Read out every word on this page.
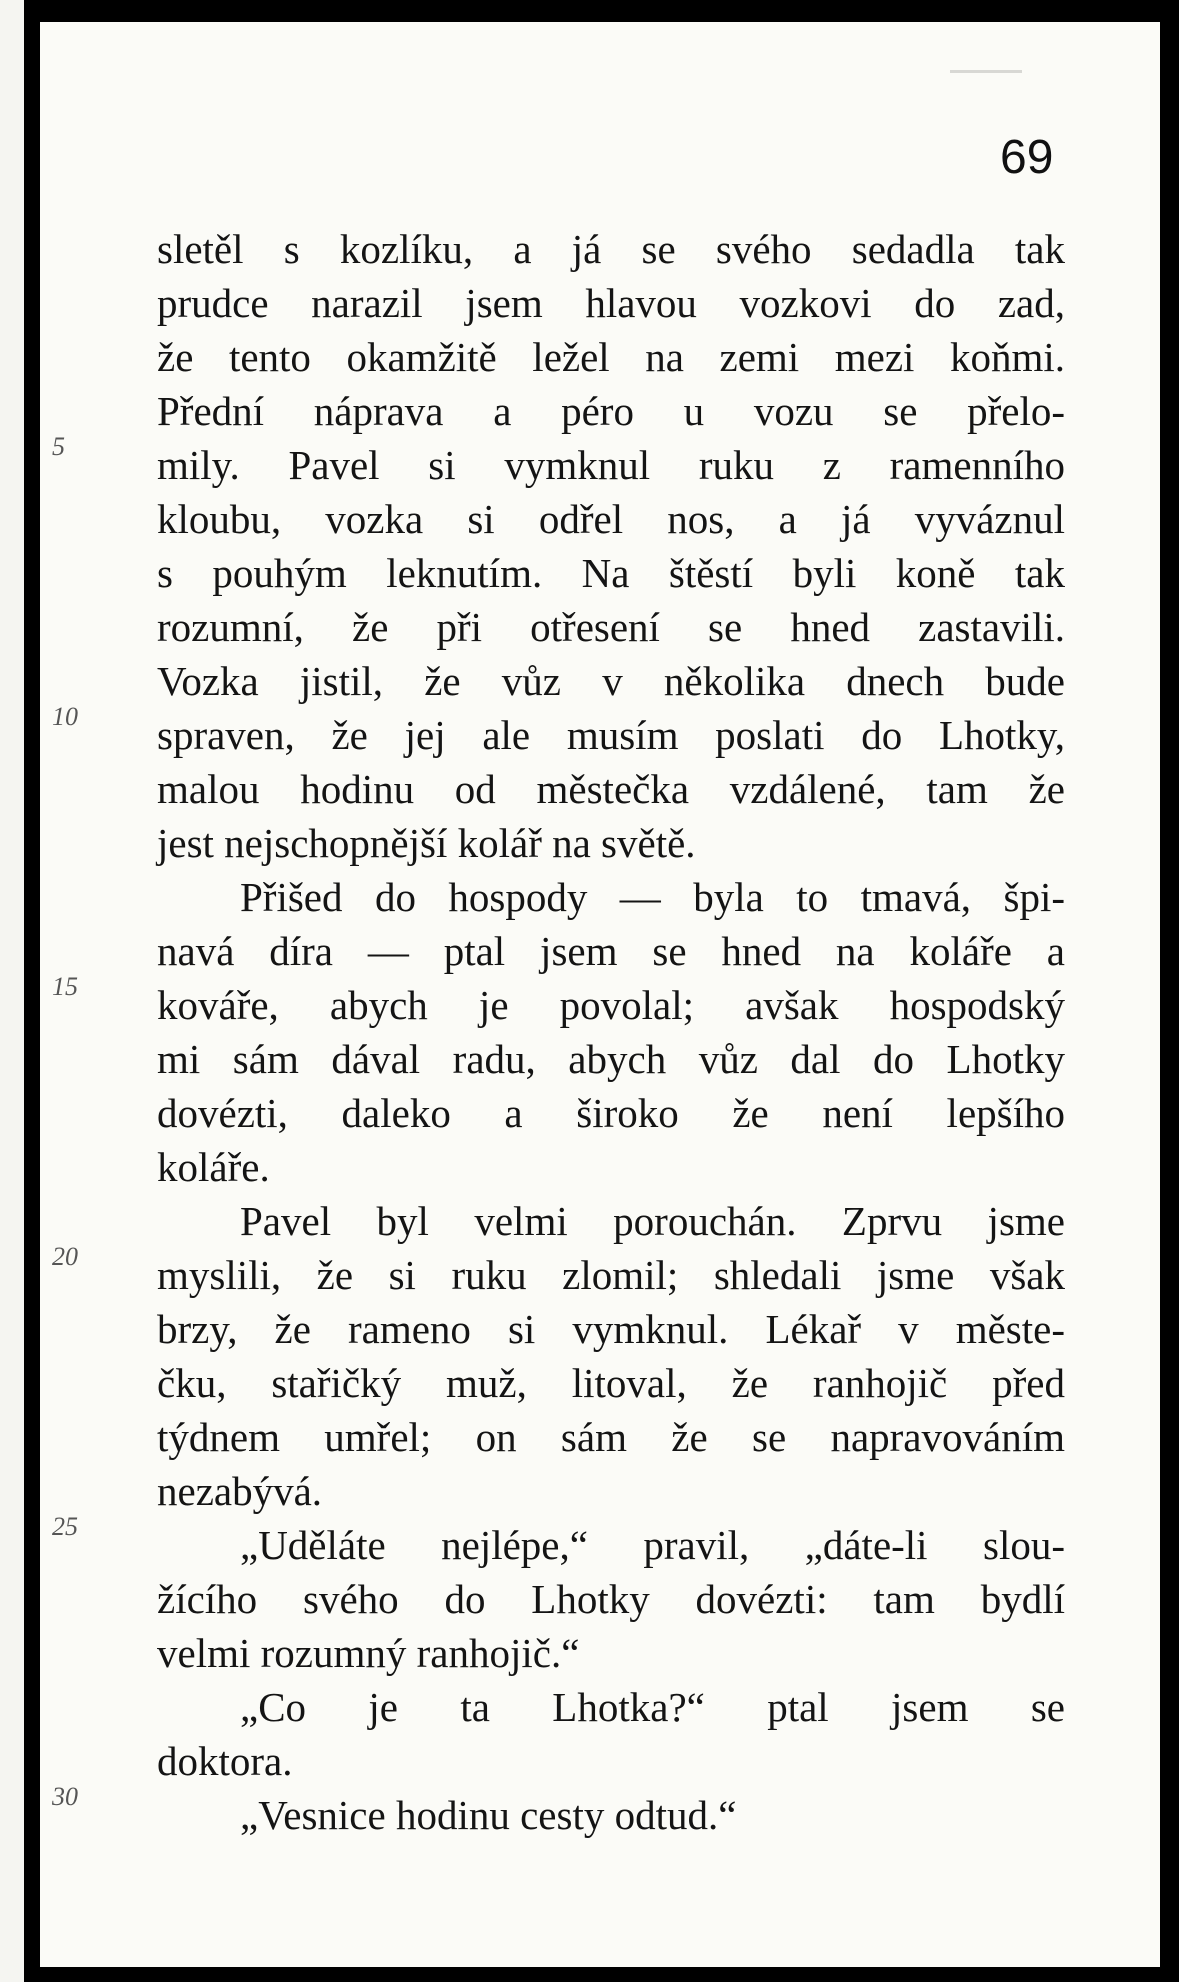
69
sletěl s kozlíku, a já se svého sedadla tak
prudce narazil jsem hlavou vozkovi do zad,
že tento okamžitě ležel na zemi mezi koňmi.
Přední náprava a péro u vozu se přelo-
mily. Pavel si vymknul ruku z ramenního
kloubu, vozka si odřel nos, a já vyváznul
s pouhým leknutím. Na štěstí byli koně tak
rozumní, že při otřesení se hned zastavili.
Vozka jistil, že vůz v několika dnech bude
spraven, že jej ale musím poslati do Lhotky,
malou hodinu od městečka vzdálené, tam že
jest nejschopnější kolář na světě.
Přišed do hospody — byla to tmavá, špi-
navá díra — ptal jsem se hned na koláře a
kováře, abych je povolal; avšak hospodský
mi sám dával radu, abych vůz dal do Lhotky
dovézti, daleko a široko že není lepšího
koláře.
Pavel byl velmi porouchán. Zprvu jsme
myslili, že si ruku zlomil; shledali jsme však
brzy, že rameno si vymknul. Lékař v měste-
čku, stařičký muž, litoval, že ranhojič před
týdnem umřel; on sám že se napravováním
nezabývá.
„Uděláte nejlépe,“ pravil, „dáte-li slou-
žícího svého do Lhotky dovézti: tam bydlí
velmi rozumný ranhojič.“
„Co je ta Lhotka?“ ptal jsem se
doktora.
„Vesnice hodinu cesty odtud.“
5
10
15
20
25
30
